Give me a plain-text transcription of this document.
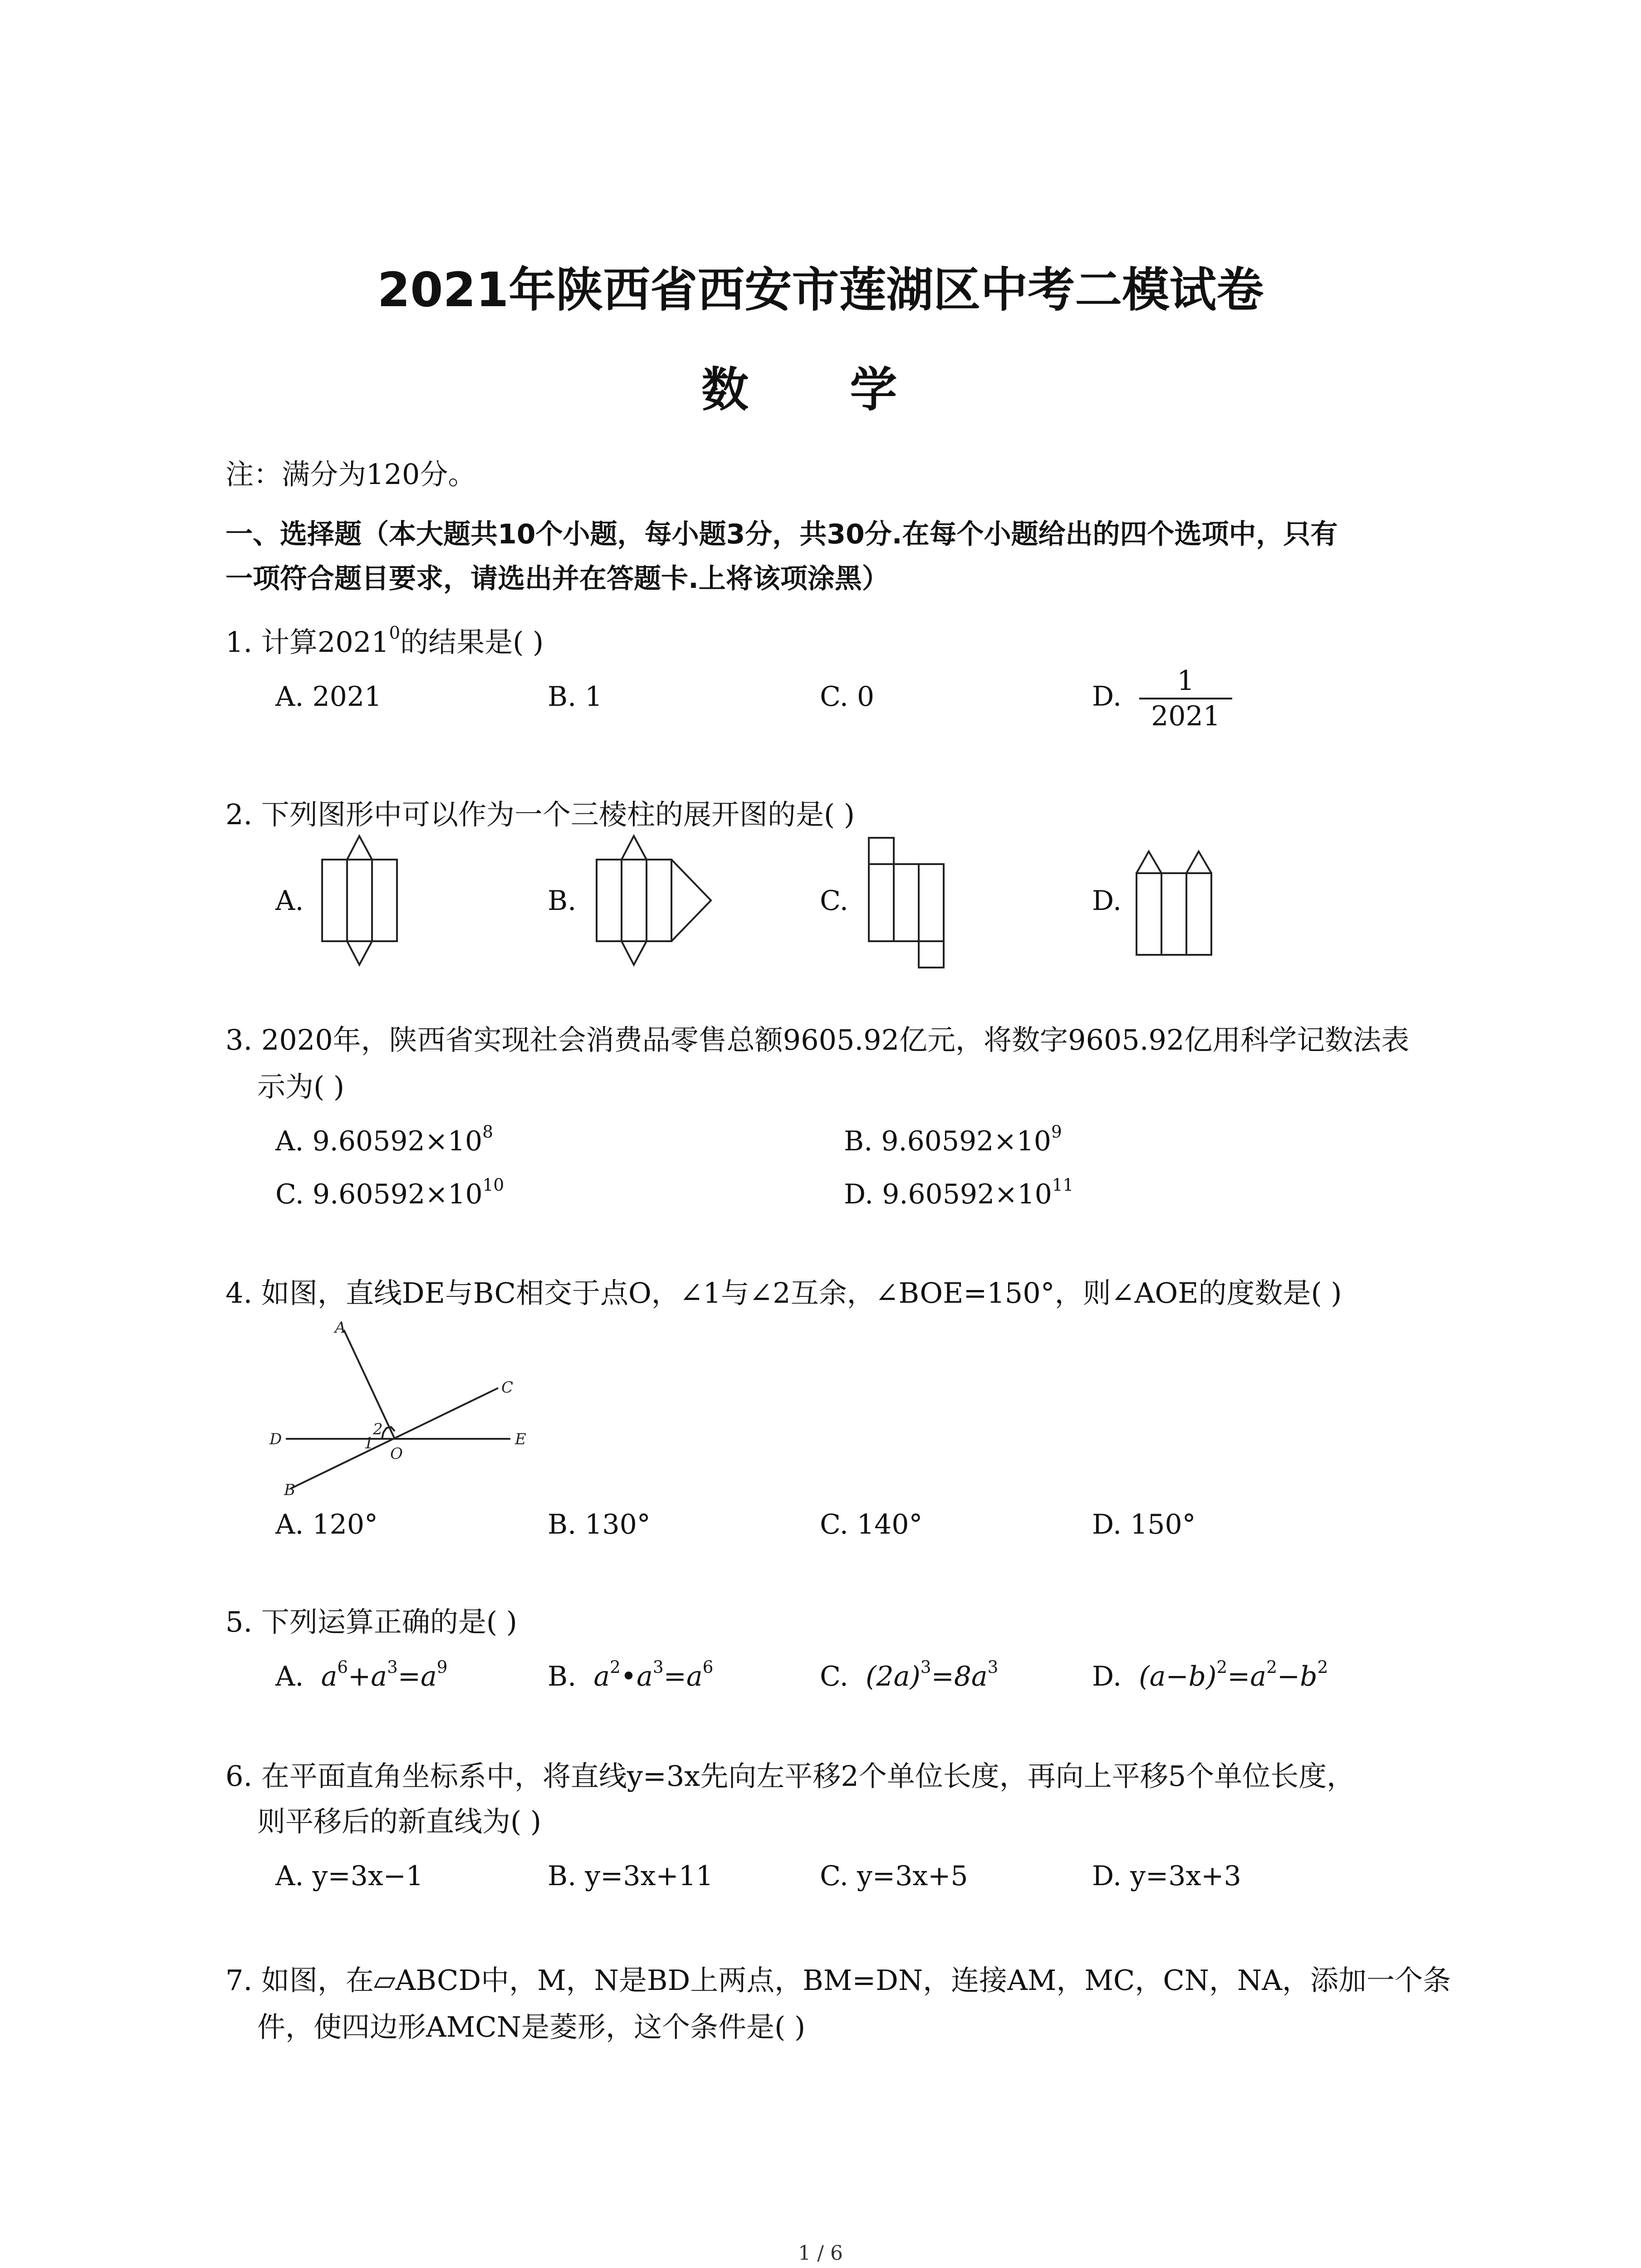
2021年陕西省西安市莲湖区中考二模试卷
数 学
注：满分为120分。
一、选择题（本大题共10个小题，每小题3分，共30分.在每个小题给出的四个选项中，只有
一项符合题目要求，请选出并在答题卡.上将该项涂黑）
1. 计算2021$^0$的结果是( )
A. 2021	B. 1	C. 0	D. $\frac{1}{2021}$
2. 下列图形中可以作为一个三棱柱的展开图的是( )
A.	B.	C.	D.
3. 2020年，陕西省实现社会消费品零售总额9605.92亿元，将数字9605.92亿用科学记数法表
示为( )
A. $9.60592\times 10^8$	B. $9.60592\times 10^9$
C. $9.60592\times 10^{10}$	D. $9.60592\times 10^{11}$
4. 如图，直线DE与BC相交于点O，∠1与∠2互余，∠BOE=150°，则∠AOE的度数是( )
A
C
D	E
O
B
1
2
A. 120°	B. 130°	C. 140°	D. 150°
5. 下列运算正确的是( )
A. $a^6+a^3=a^9$	B. $a^2•a^3=a^6$	C. $(2a)^3=8a^3$	D. $(a-b)^2=a^2-b^2$
6. 在平面直角坐标系中，将直线y=3x先向左平移2个单位长度，再向上平移5个单位长度，
则平移后的新直线为( )
A. y=3x−1	B. y=3x+11	C. y=3x+5	D. y=3x+3
7. 如图，在▱ABCD中，M，N是BD上两点，BM=DN，连接AM，MC，CN，NA，添加一个条
件，使四边形AMCN是菱形，这个条件是( )
1 / 6
